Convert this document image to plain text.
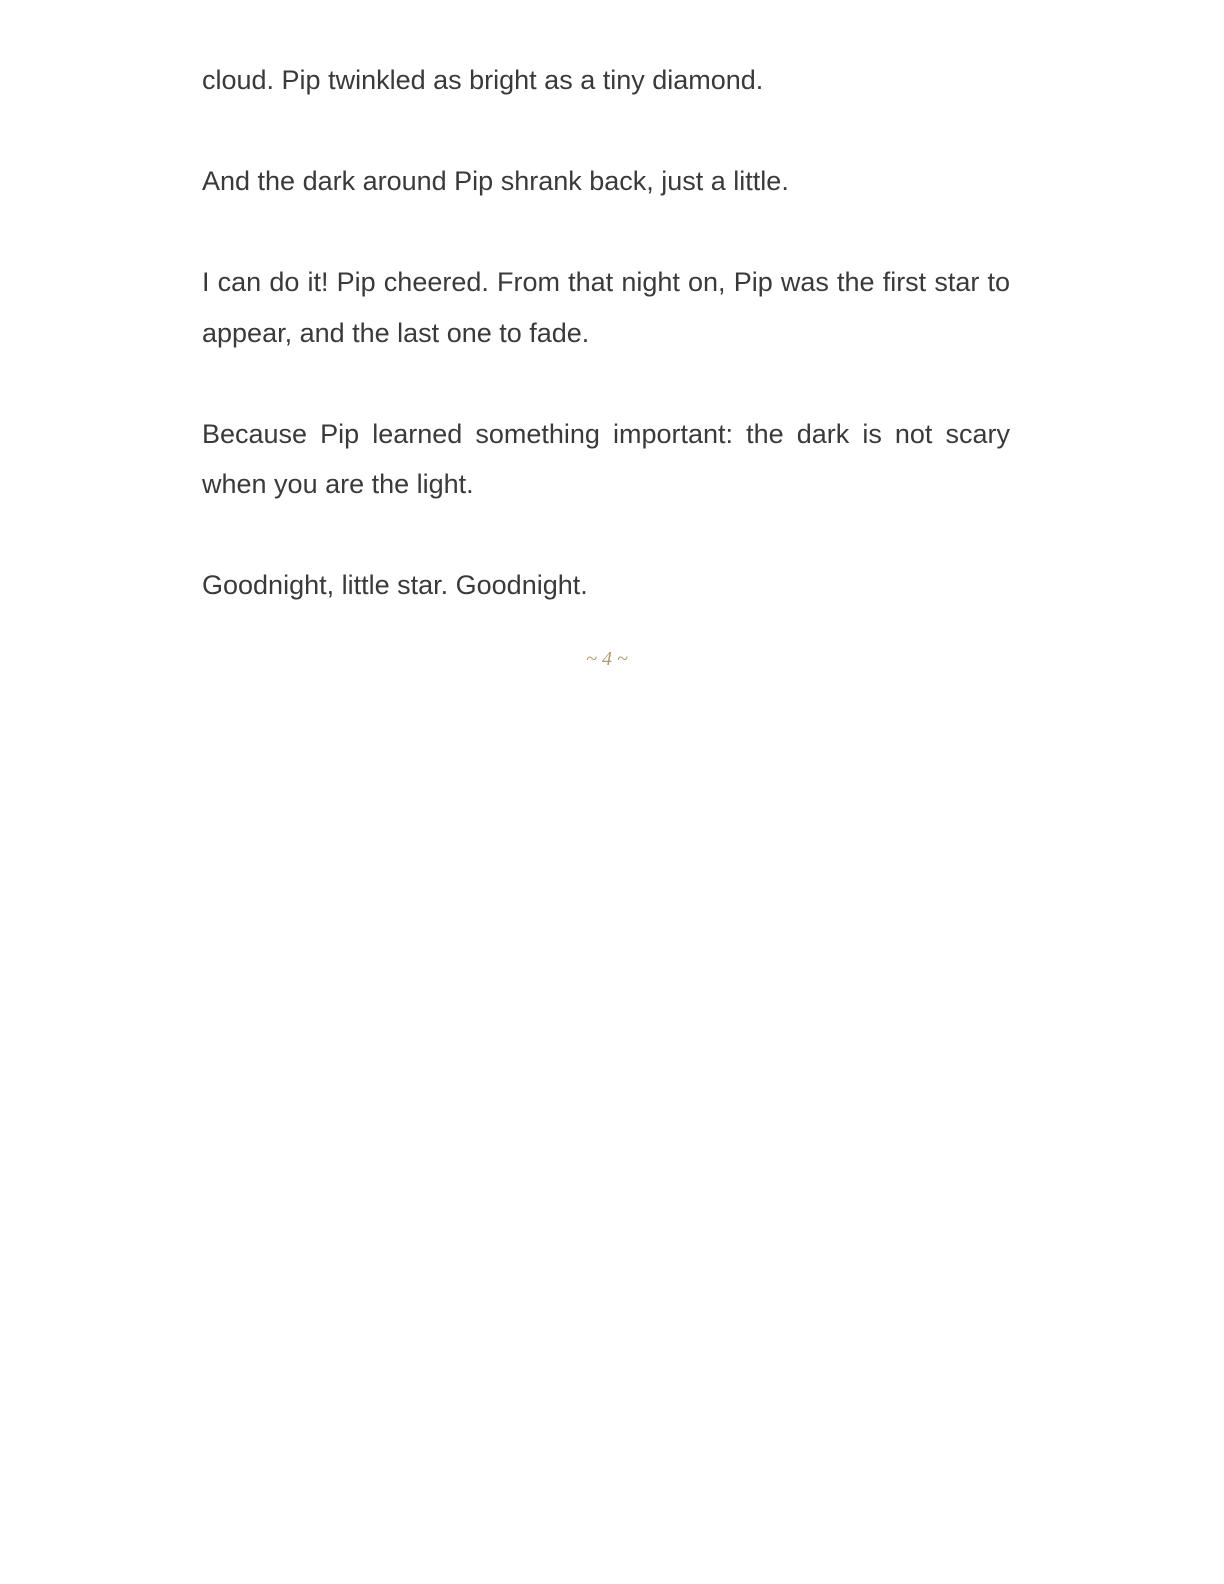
cloud. Pip twinkled as bright as a tiny diamond.

And the dark around Pip shrank back, just a little.

I can do it! Pip cheered. From that night on, Pip was the first star to appear, and the last one to fade.

Because Pip learned something important: the dark is not scary when you are the light.

Goodnight, little star. Goodnight.

~ 4 ~
